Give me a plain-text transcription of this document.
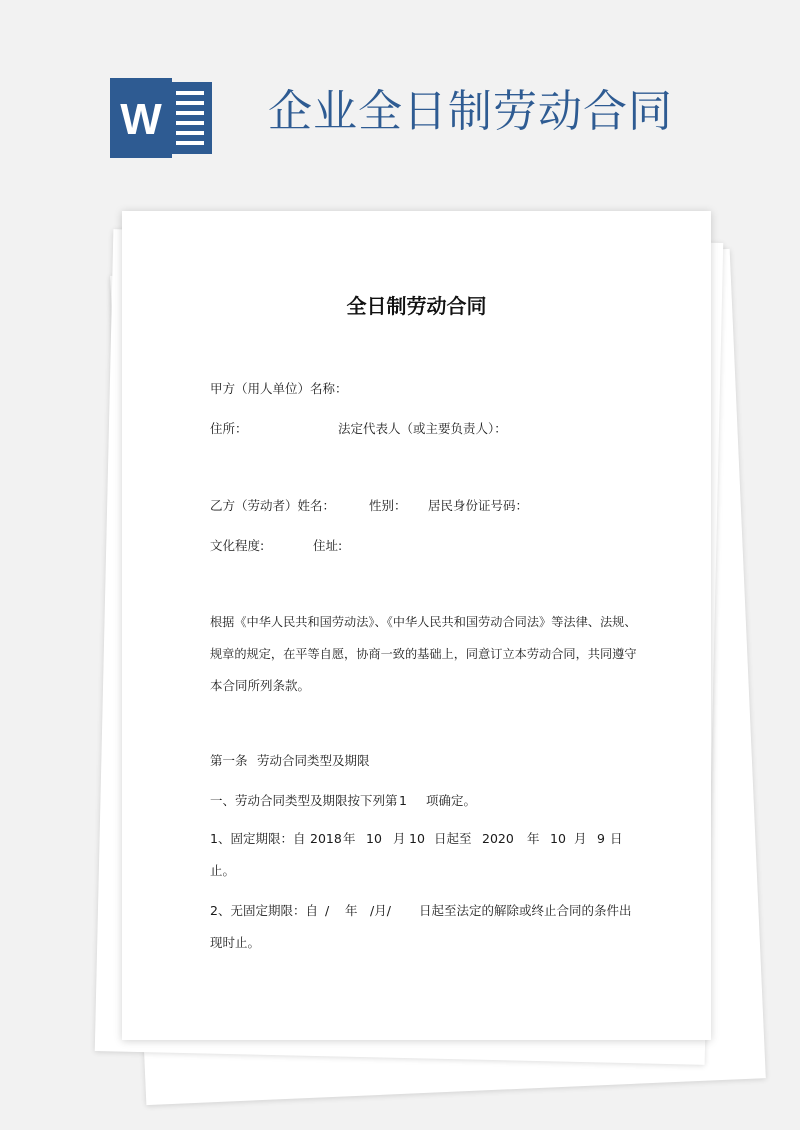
W 企业全日制劳动合同
全日制劳动合同
甲方（用人单位）名称：
住所：	法定代表人（或主要负责人）：
乙方（劳动者）姓名：	性别： 居民身份证号码：
文化程度:	住址:
根据《中华人民共和国劳动法》、《中华人民共和国劳动合同法》等法律、法规、
规章的规定，在平等自愿，协商一致的基础上，同意订立本劳动合同，共同遵守
本合同所列条款。
第一条 劳动合同类型及期限
一、劳动合同类型及期限按下列第 1 项确定。
1、固定期限：自 2018 年 10 月 10 日起至 2020 年 10 月 9 日
止。
2、无固定期限：自 / 年 /月/ 日起至法定的解除或终止合同的条件出
现时止。
